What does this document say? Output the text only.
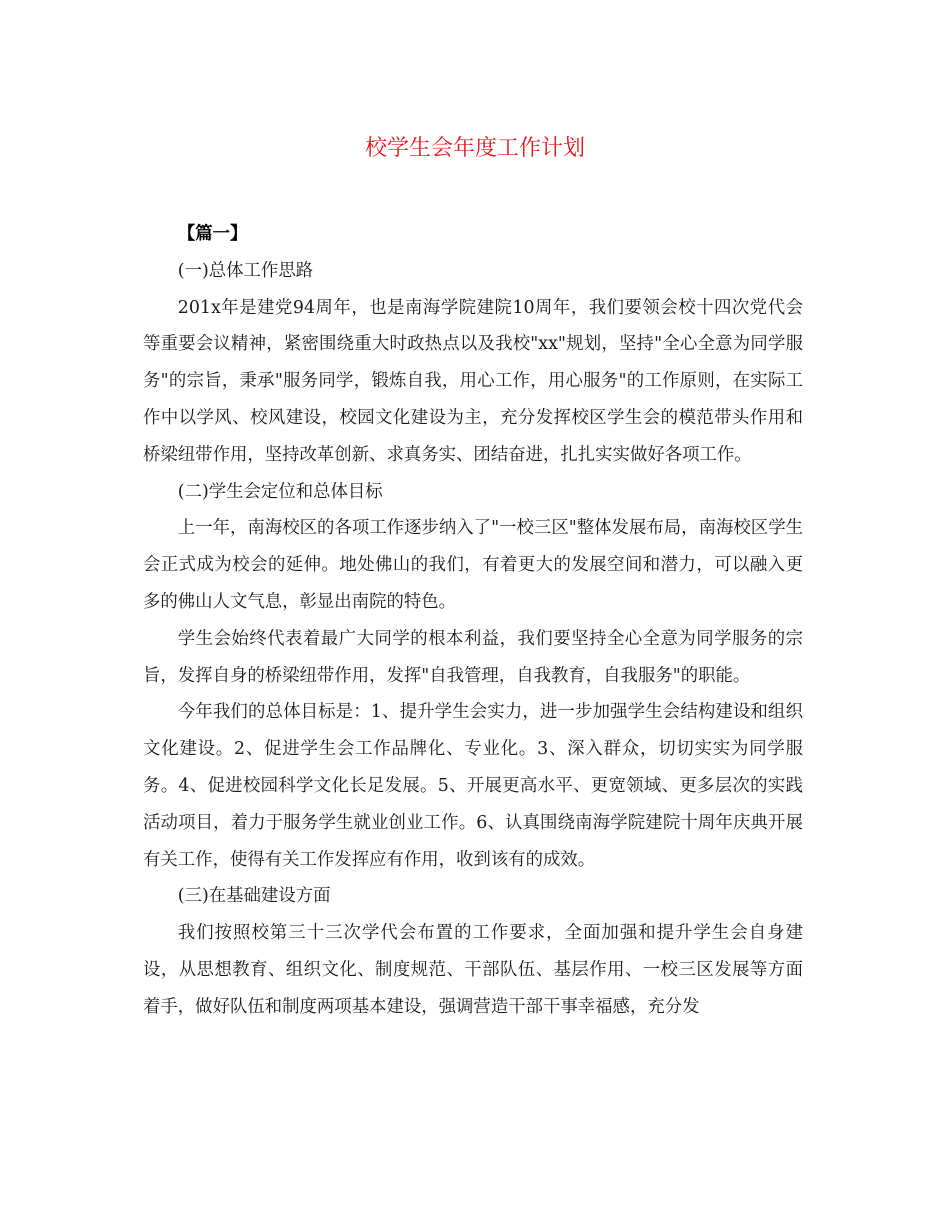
校学生会年度工作计划

【篇一】

(一)总体工作思路

201x年是建党94周年，也是南海学院建院10周年，我们要领会校十四次党代会等重要会议精神，紧密围绕重大时政热点以及我校"xx"规划，坚持"全心全意为同学服务"的宗旨，秉承"服务同学，锻炼自我，用心工作，用心服务"的工作原则，在实际工作中以学风、校风建设，校园文化建设为主，充分发挥校区学生会的模范带头作用和桥梁纽带作用，坚持改革创新、求真务实、团结奋进，扎扎实实做好各项工作。

(二)学生会定位和总体目标

上一年，南海校区的各项工作逐步纳入了"一校三区"整体发展布局，南海校区学生会正式成为校会的延伸。地处佛山的我们，有着更大的发展空间和潜力，可以融入更多的佛山人文气息，彰显出南院的特色。

学生会始终代表着最广大同学的根本利益，我们要坚持全心全意为同学服务的宗旨，发挥自身的桥梁纽带作用，发挥"自我管理，自我教育，自我服务"的职能。

今年我们的总体目标是：1、提升学生会实力，进一步加强学生会结构建设和组织文化建设。2、促进学生会工作品牌化、专业化。3、深入群众，切切实实为同学服务。4、促进校园科学文化长足发展。5、开展更高水平、更宽领域、更多层次的实践活动项目，着力于服务学生就业创业工作。6、认真围绕南海学院建院十周年庆典开展有关工作，使得有关工作发挥应有作用，收到该有的成效。

(三)在基础建设方面

我们按照校第三十三次学代会布置的工作要求，全面加强和提升学生会自身建设，从思想教育、组织文化、制度规范、干部队伍、基层作用、一校三区发展等方面着手，做好队伍和制度两项基本建设，强调营造干部干事幸福感，充分发
